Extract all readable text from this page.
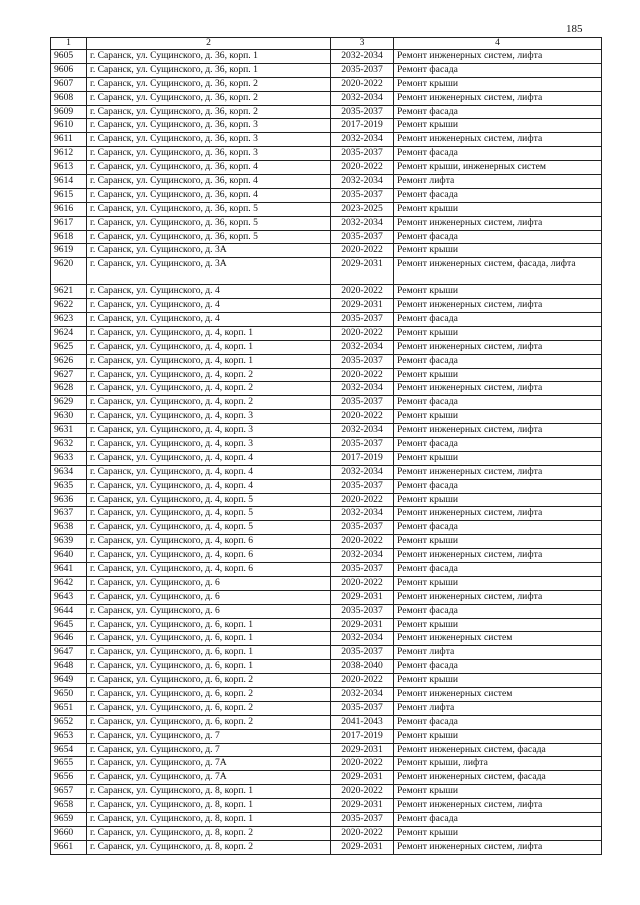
185
1	2	3	4
9605	г. Саранск, ул. Сущинского, д. 36, корп. 1	2032-2034	Ремонт инженерных систем, лифта
9606	г. Саранск, ул. Сущинского, д. 36, корп. 1	2035-2037	Ремонт фасада
9607	г. Саранск, ул. Сущинского, д. 36, корп. 2	2020-2022	Ремонт крыши
9608	г. Саранск, ул. Сущинского, д. 36, корп. 2	2032-2034	Ремонт инженерных систем, лифта
9609	г. Саранск, ул. Сущинского, д. 36, корп. 2	2035-2037	Ремонт фасада
9610	г. Саранск, ул. Сущинского, д. 36, корп. 3	2017-2019	Ремонт крыши
9611	г. Саранск, ул. Сущинского, д. 36, корп. 3	2032-2034	Ремонт инженерных систем, лифта
9612	г. Саранск, ул. Сущинского, д. 36, корп. 3	2035-2037	Ремонт фасада
9613	г. Саранск, ул. Сущинского, д. 36, корп. 4	2020-2022	Ремонт крыши, инженерных систем
9614	г. Саранск, ул. Сущинского, д. 36, корп. 4	2032-2034	Ремонт лифта
9615	г. Саранск, ул. Сущинского, д. 36, корп. 4	2035-2037	Ремонт фасада
9616	г. Саранск, ул. Сущинского, д. 36, корп. 5	2023-2025	Ремонт крыши
9617	г. Саранск, ул. Сущинского, д. 36, корп. 5	2032-2034	Ремонт инженерных систем, лифта
9618	г. Саранск, ул. Сущинского, д. 36, корп. 5	2035-2037	Ремонт фасада
9619	г. Саранск, ул. Сущинского, д. 3А	2020-2022	Ремонт крыши
9620	г. Саранск, ул. Сущинского, д. 3А	2029-2031	Ремонт инженерных систем, фасада, лифта
9621	г. Саранск, ул. Сущинского, д. 4	2020-2022	Ремонт крыши
9622	г. Саранск, ул. Сущинского, д. 4	2029-2031	Ремонт инженерных систем, лифта
9623	г. Саранск, ул. Сущинского, д. 4	2035-2037	Ремонт фасада
9624	г. Саранск, ул. Сущинского, д. 4, корп. 1	2020-2022	Ремонт крыши
9625	г. Саранск, ул. Сущинского, д. 4, корп. 1	2032-2034	Ремонт инженерных систем, лифта
9626	г. Саранск, ул. Сущинского, д. 4, корп. 1	2035-2037	Ремонт фасада
9627	г. Саранск, ул. Сущинского, д. 4, корп. 2	2020-2022	Ремонт крыши
9628	г. Саранск, ул. Сущинского, д. 4, корп. 2	2032-2034	Ремонт инженерных систем, лифта
9629	г. Саранск, ул. Сущинского, д. 4, корп. 2	2035-2037	Ремонт фасада
9630	г. Саранск, ул. Сущинского, д. 4, корп. 3	2020-2022	Ремонт крыши
9631	г. Саранск, ул. Сущинского, д. 4, корп. 3	2032-2034	Ремонт инженерных систем, лифта
9632	г. Саранск, ул. Сущинского, д. 4, корп. 3	2035-2037	Ремонт фасада
9633	г. Саранск, ул. Сущинского, д. 4, корп. 4	2017-2019	Ремонт крыши
9634	г. Саранск, ул. Сущинского, д. 4, корп. 4	2032-2034	Ремонт инженерных систем, лифта
9635	г. Саранск, ул. Сущинского, д. 4, корп. 4	2035-2037	Ремонт фасада
9636	г. Саранск, ул. Сущинского, д. 4, корп. 5	2020-2022	Ремонт крыши
9637	г. Саранск, ул. Сущинского, д. 4, корп. 5	2032-2034	Ремонт инженерных систем, лифта
9638	г. Саранск, ул. Сущинского, д. 4, корп. 5	2035-2037	Ремонт фасада
9639	г. Саранск, ул. Сущинского, д. 4, корп. 6	2020-2022	Ремонт крыши
9640	г. Саранск, ул. Сущинского, д. 4, корп. 6	2032-2034	Ремонт инженерных систем, лифта
9641	г. Саранск, ул. Сущинского, д. 4, корп. 6	2035-2037	Ремонт фасада
9642	г. Саранск, ул. Сущинского, д. 6	2020-2022	Ремонт крыши
9643	г. Саранск, ул. Сущинского, д. 6	2029-2031	Ремонт инженерных систем, лифта
9644	г. Саранск, ул. Сущинского, д. 6	2035-2037	Ремонт фасада
9645	г. Саранск, ул. Сущинского, д. 6, корп. 1	2029-2031	Ремонт крыши
9646	г. Саранск, ул. Сущинского, д. 6, корп. 1	2032-2034	Ремонт инженерных систем
9647	г. Саранск, ул. Сущинского, д. 6, корп. 1	2035-2037	Ремонт лифта
9648	г. Саранск, ул. Сущинского, д. 6, корп. 1	2038-2040	Ремонт фасада
9649	г. Саранск, ул. Сущинского, д. 6, корп. 2	2020-2022	Ремонт крыши
9650	г. Саранск, ул. Сущинского, д. 6, корп. 2	2032-2034	Ремонт инженерных систем
9651	г. Саранск, ул. Сущинского, д. 6, корп. 2	2035-2037	Ремонт лифта
9652	г. Саранск, ул. Сущинского, д. 6, корп. 2	2041-2043	Ремонт фасада
9653	г. Саранск, ул. Сущинского, д. 7	2017-2019	Ремонт крыши
9654	г. Саранск, ул. Сущинского, д. 7	2029-2031	Ремонт инженерных систем, фасада
9655	г. Саранск, ул. Сущинского, д. 7А	2020-2022	Ремонт крыши, лифта
9656	г. Саранск, ул. Сущинского, д. 7А	2029-2031	Ремонт инженерных систем, фасада
9657	г. Саранск, ул. Сущинского, д. 8, корп. 1	2020-2022	Ремонт крыши
9658	г. Саранск, ул. Сущинского, д. 8, корп. 1	2029-2031	Ремонт инженерных систем, лифта
9659	г. Саранск, ул. Сущинского, д. 8, корп. 1	2035-2037	Ремонт фасада
9660	г. Саранск, ул. Сущинского, д. 8, корп. 2	2020-2022	Ремонт крыши
9661	г. Саранск, ул. Сущинского, д. 8, корп. 2	2029-2031	Ремонт инженерных систем, лифта
